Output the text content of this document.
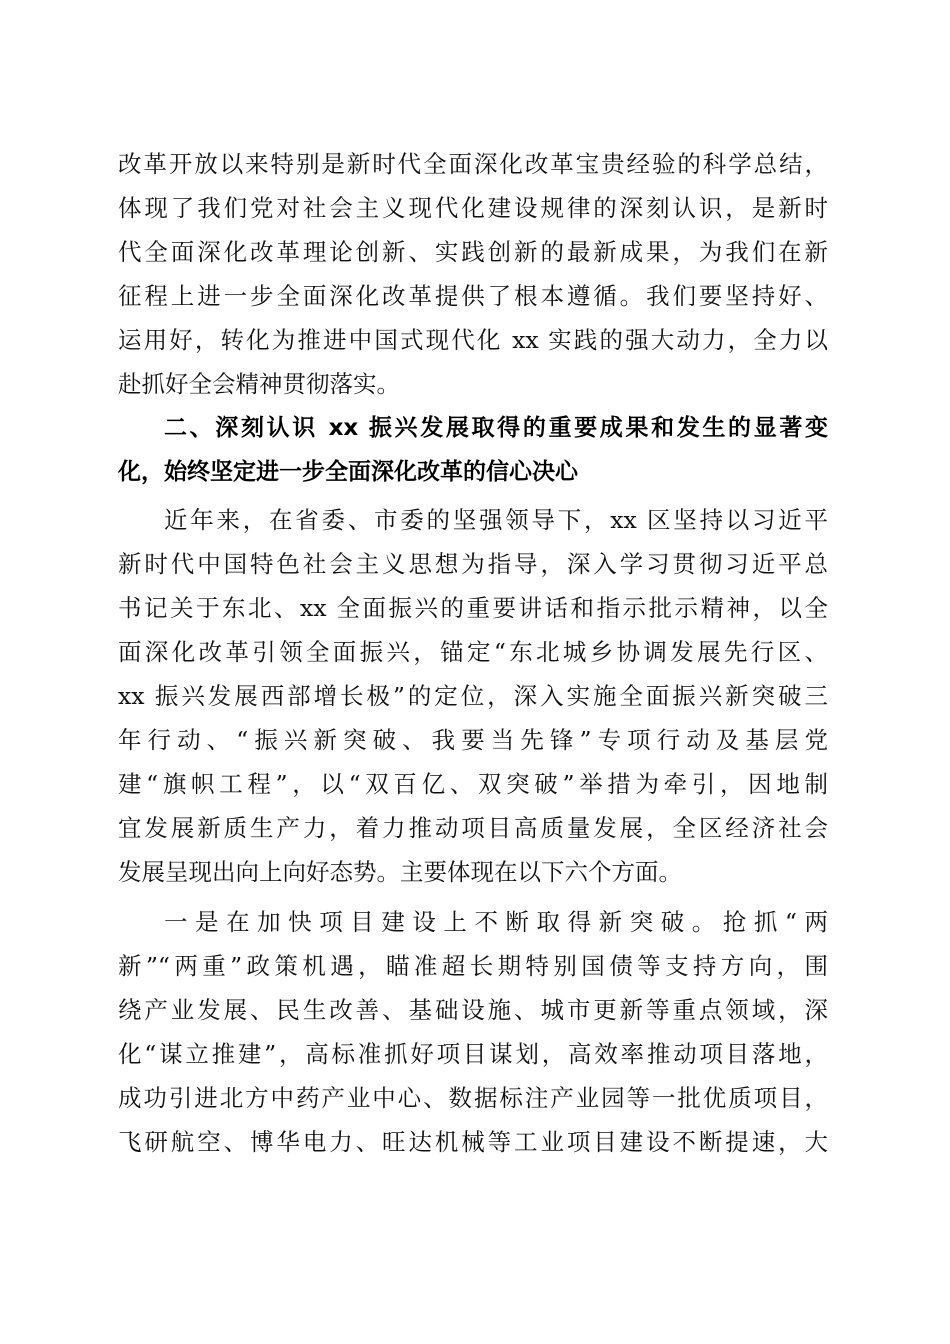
改革开放以来特别是新时代全面深化改革宝贵经验的科学总结，
体现了我们党对社会主义现代化建设规律的深刻认识，是新时
代全面深化改革理论创新、实践创新的最新成果，为我们在新
征程上进一步全面深化改革提供了根本遵循。我们要坚持好、
运用好，转化为推进中国式现代化 xx 实践的强大动力，全力以
赴抓好全会精神贯彻落实。
二、深刻认识 xx 振兴发展取得的重要成果和发生的显著变
化，始终坚定进一步全面深化改革的信心决心
近年来，在省委、市委的坚强领导下，xx 区坚持以习近平
新时代中国特色社会主义思想为指导，深入学习贯彻习近平总
书记关于东北、xx 全面振兴的重要讲话和指示批示精神，以全
面深化改革引领全面振兴，锚定“东北城乡协调发展先行区、
xx 振兴发展西部增长极”的定位，深入实施全面振兴新突破三
年行动、“振兴新突破、我要当先锋”专项行动及基层党
建“旗帜工程”，以“双百亿、双突破”举措为牵引，因地制
宜发展新质生产力，着力推动项目高质量发展，全区经济社会
发展呈现出向上向好态势。主要体现在以下六个方面。
一是在加快项目建设上不断取得新突破。抢抓“两
新”“两重”政策机遇，瞄准超长期特别国债等支持方向，围
绕产业发展、民生改善、基础设施、城市更新等重点领域，深
化“谋立推建”，高标准抓好项目谋划，高效率推动项目落地，
成功引进北方中药产业中心、数据标注产业园等一批优质项目，
飞研航空、博华电力、旺达机械等工业项目建设不断提速，大
